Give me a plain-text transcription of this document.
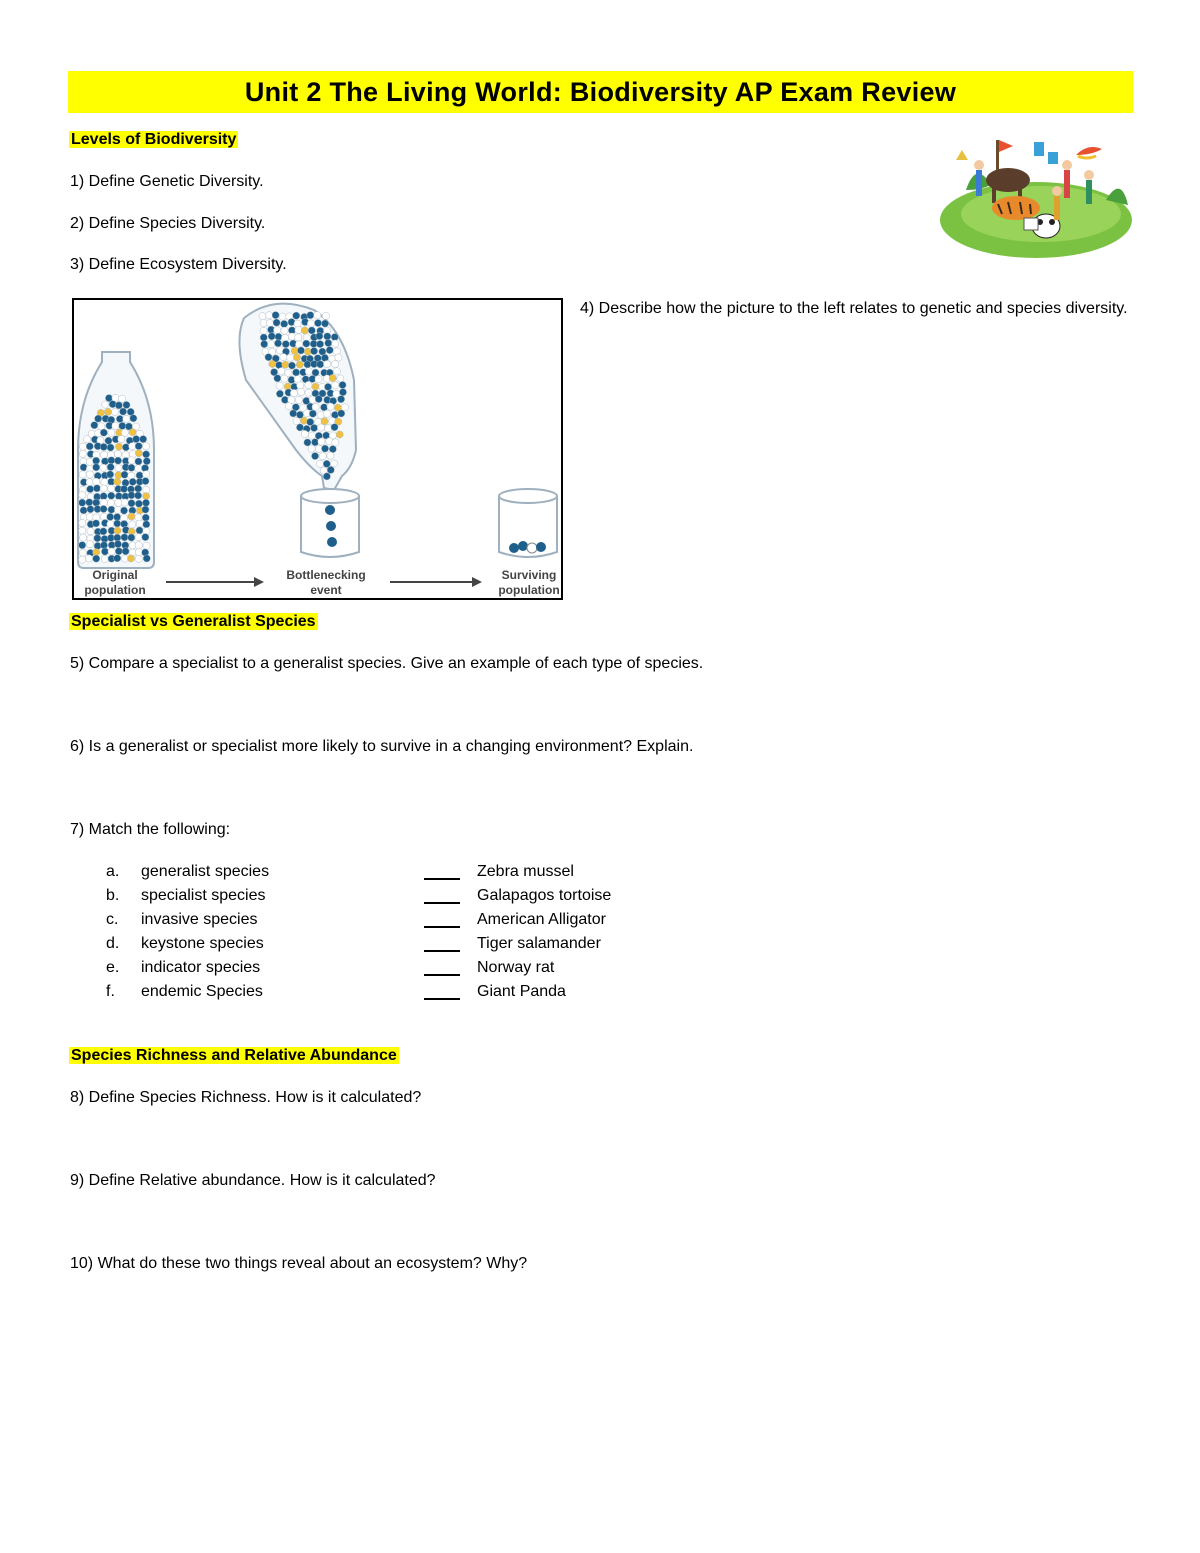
Unit 2 The Living World: Biodiversity AP Exam Review
Levels of Biodiversity
1) Define Genetic Diversity.
2) Define Species Diversity.
3) Define Ecosystem Diversity.
Original
population
Bottlenecking
event
Surviving
population
4) Describe how the picture to the left relates to genetic and species diversity.
Specialist vs Generalist Species
5) Compare a specialist to a generalist species. Give an example of each type of species.
6) Is a generalist or specialist more likely to survive in a changing environment? Explain.
7) Match the following:
a.	generalist species	Zebra mussel
b.	specialist species	Galapagos tortoise
c.	invasive species	American Alligator
d.	keystone species	Tiger salamander
e.	indicator species	Norway rat
f.	endemic Species	Giant Panda
Species Richness and Relative Abundance
8) Define Species Richness. How is it calculated?
9) Define Relative abundance. How is it calculated?
10) What do these two things reveal about an ecosystem? Why?
